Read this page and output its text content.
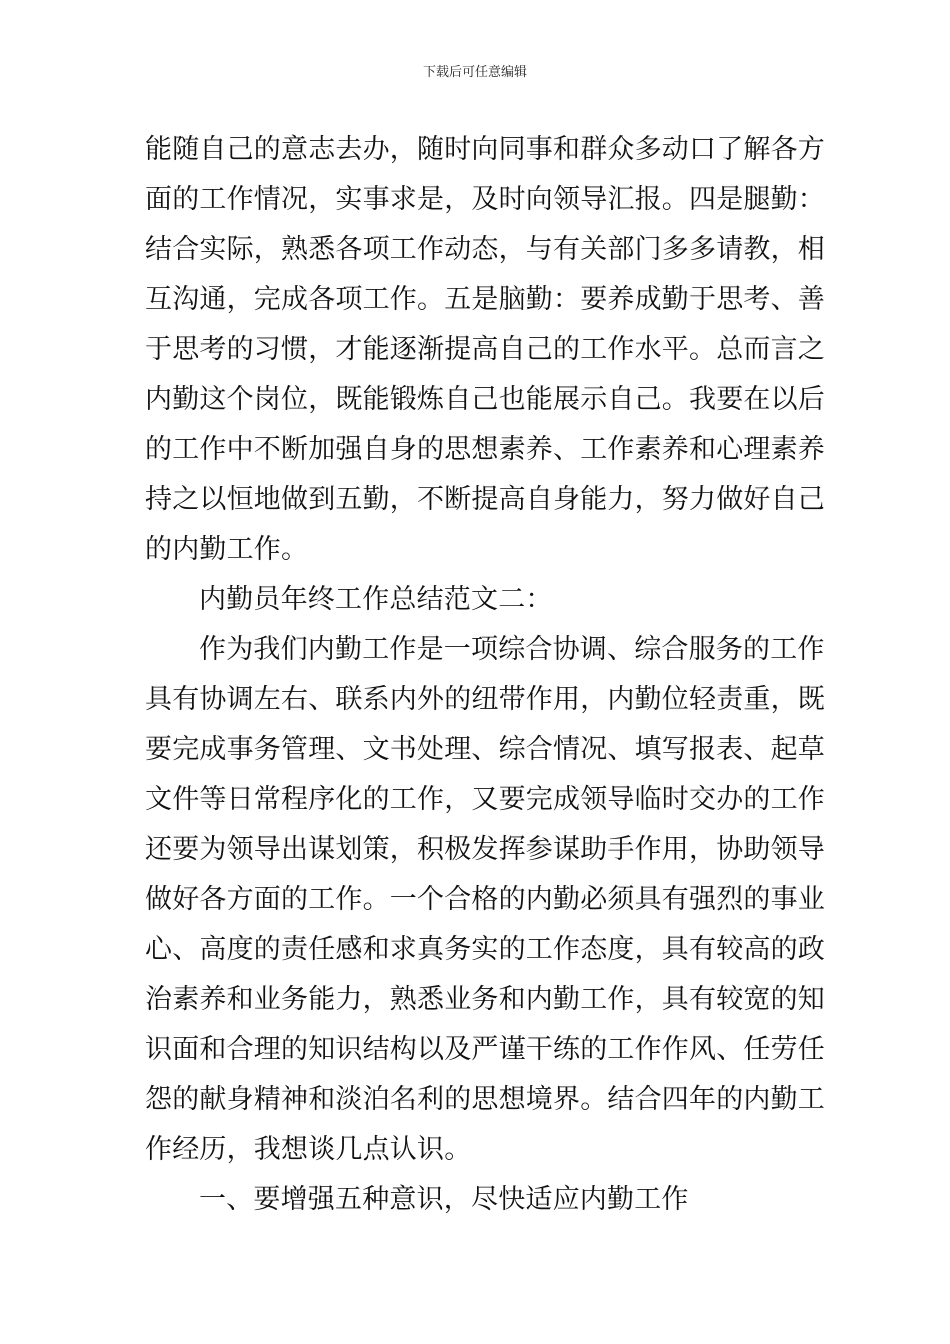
下载后可任意编辑
能随自己的意志去办，随时向同事和群众多动口了解各方
面的工作情况，实事求是，及时向领导汇报。四是腿勤：
结合实际，熟悉各项工作动态，与有关部门多多请教，相
互沟通，完成各项工作。五是脑勤：要养成勤于思考、善
于思考的习惯，才能逐渐提高自己的工作水平。总而言之
内勤这个岗位，既能锻炼自己也能展示自己。我要在以后
的工作中不断加强自身的思想素养、工作素养和心理素养
持之以恒地做到五勤，不断提高自身能力，努力做好自己
的内勤工作。
内勤员年终工作总结范文二：
作为我们内勤工作是一项综合协调、综合服务的工作
具有协调左右、联系内外的纽带作用，内勤位轻责重，既
要完成事务管理、文书处理、综合情况、填写报表、起草
文件等日常程序化的工作，又要完成领导临时交办的工作
还要为领导出谋划策，积极发挥参谋助手作用，协助领导
做好各方面的工作。一个合格的内勤必须具有强烈的事业
心、高度的责任感和求真务实的工作态度，具有较高的政
治素养和业务能力，熟悉业务和内勤工作，具有较宽的知
识面和合理的知识结构以及严谨干练的工作作风、任劳任
怨的献身精神和淡泊名利的思想境界。结合四年的内勤工
作经历，我想谈几点认识。
一、要增强五种意识，尽快适应内勤工作
